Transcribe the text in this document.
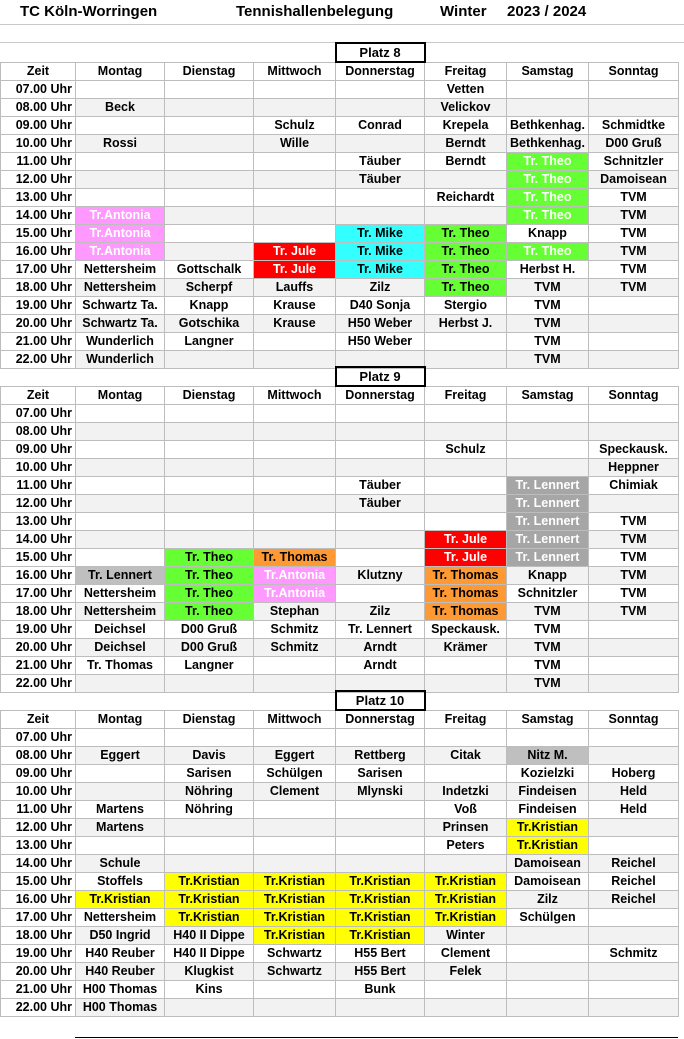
TC Köln-Worringen	Tennishallenbelegung	Winter 2023 / 2024
				Platz 8			
Zeit	Montag	Dienstag	Mittwoch	Donnerstag	Freitag	Samstag	Sonntag
07.00 Uhr					Vetten		
08.00 Uhr	Beck				Velickov		
09.00 Uhr			Schulz	Conrad	Krepela	Bethkenhag.	Schmidtke
10.00 Uhr	Rossi		Wille		Berndt	Bethkenhag.	D00 Gruß
11.00 Uhr				Täuber	Berndt	Tr. Theo	Schnitzler
12.00 Uhr				Täuber		Tr. Theo	Damoisean
13.00 Uhr					Reichardt	Tr. Theo	TVM
14.00 Uhr	Tr.Antonia					Tr. Theo	TVM
15.00 Uhr	Tr.Antonia			Tr. Mike	Tr. Theo	Knapp	TVM
16.00 Uhr	Tr.Antonia		Tr. Jule	Tr. Mike	Tr. Theo	Tr. Theo	TVM
17.00 Uhr	Nettersheim	Gottschalk	Tr. Jule	Tr. Mike	Tr. Theo	Herbst H.	TVM
18.00 Uhr	Nettersheim	Scherpf	Lauffs	Zilz	Tr. Theo	TVM	TVM
19.00 Uhr	Schwartz Ta.	Knapp	Krause	D40 Sonja	Stergio	TVM	
20.00 Uhr	Schwartz Ta.	Gotschika	Krause	H50 Weber	Herbst J.	TVM	
21.00 Uhr	Wunderlich	Langner		H50 Weber		TVM	
22.00 Uhr	Wunderlich					TVM	
				Platz 9			
Zeit	Montag	Dienstag	Mittwoch	Donnerstag	Freitag	Samstag	Sonntag
07.00 Uhr							
08.00 Uhr							
09.00 Uhr					Schulz		Speckausk.
10.00 Uhr							Heppner
11.00 Uhr				Täuber		Tr. Lennert	Chimiak
12.00 Uhr				Täuber		Tr. Lennert	
13.00 Uhr						Tr. Lennert	TVM
14.00 Uhr					Tr. Jule	Tr. Lennert	TVM
15.00 Uhr		Tr. Theo	Tr. Thomas		Tr. Jule	Tr. Lennert	TVM
16.00 Uhr	Tr. Lennert	Tr. Theo	Tr.Antonia	Klutzny	Tr. Thomas	Knapp	TVM
17.00 Uhr	Nettersheim	Tr. Theo	Tr.Antonia		Tr. Thomas	Schnitzler	TVM
18.00 Uhr	Nettersheim	Tr. Theo	Stephan	Zilz	Tr. Thomas	TVM	TVM
19.00 Uhr	Deichsel	D00 Gruß	Schmitz	Tr. Lennert	Speckausk.	TVM	
20.00 Uhr	Deichsel	D00 Gruß	Schmitz	Arndt	Krämer	TVM	
21.00 Uhr	Tr. Thomas	Langner		Arndt		TVM	
22.00 Uhr						TVM	
				Platz 10			
Zeit	Montag	Dienstag	Mittwoch	Donnerstag	Freitag	Samstag	Sonntag
07.00 Uhr							
08.00 Uhr	Eggert	Davis	Eggert	Rettberg	Citak	Nitz M.	
09.00 Uhr		Sarisen	Schülgen	Sarisen		Kozielzki	Hoberg
10.00 Uhr		Nöhring	Clement	Mlynski	Indetzki	Findeisen	Held
11.00 Uhr	Martens	Nöhring			Voß	Findeisen	Held
12.00 Uhr	Martens				Prinsen	Tr.Kristian	
13.00 Uhr					Peters	Tr.Kristian	
14.00 Uhr	Schule					Damoisean	Reichel
15.00 Uhr	Stoffels	Tr.Kristian	Tr.Kristian	Tr.Kristian	Tr.Kristian	Damoisean	Reichel
16.00 Uhr	Tr.Kristian	Tr.Kristian	Tr.Kristian	Tr.Kristian	Tr.Kristian	Zilz	Reichel
17.00 Uhr	Nettersheim	Tr.Kristian	Tr.Kristian	Tr.Kristian	Tr.Kristian	Schülgen	
18.00 Uhr	D50 Ingrid	H40 II Dippe	Tr.Kristian	Tr.Kristian	Winter		
19.00 Uhr	H40 Reuber	H40 II Dippe	Schwartz	H55 Bert	Clement		Schmitz
20.00 Uhr	H40 Reuber	Klugkist	Schwartz	H55 Bert	Felek		
21.00 Uhr	H00 Thomas	Kins		Bunk			
22.00 Uhr	H00 Thomas						
